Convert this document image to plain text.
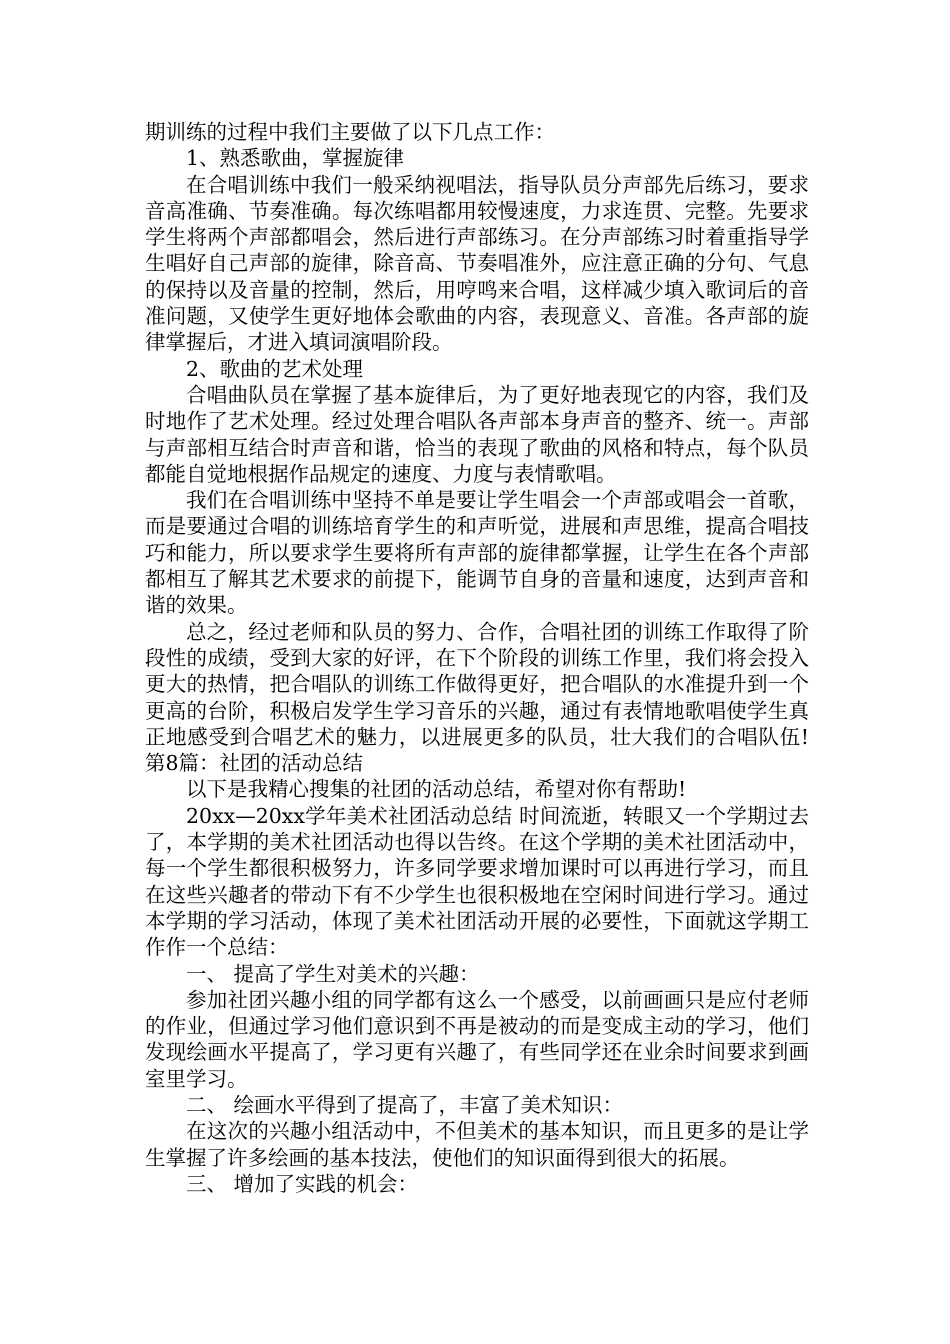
期训练的过程中我们主要做了以下几点工作：

1、熟悉歌曲，掌握旋律

在合唱训练中我们一般采纳视唱法，指导队员分声部先后练习，要求音高准确、节奏准确。每次练唱都用较慢速度，力求连贯、完整。先要求学生将两个声部都唱会，然后进行声部练习。在分声部练习时着重指导学生唱好自己声部的旋律，除音高、节奏唱准外，应注意正确的分句、气息的保持以及音量的控制，然后，用哼鸣来合唱，这样减少填入歌词后的音准问题，又使学生更好地体会歌曲的内容，表现意义、音准。各声部的旋律掌握后，才进入填词演唱阶段。

2、歌曲的艺术处理

合唱曲队员在掌握了基本旋律后，为了更好地表现它的内容，我们及时地作了艺术处理。经过处理合唱队各声部本身声音的整齐、统一。声部与声部相互结合时声音和谐，恰当的表现了歌曲的风格和特点，每个队员都能自觉地根据作品规定的速度、力度与表情歌唱。

我们在合唱训练中坚持不单是要让学生唱会一个声部或唱会一首歌，而是要通过合唱的训练培育学生的和声听觉，进展和声思维，提高合唱技巧和能力，所以要求学生要将所有声部的旋律都掌握，让学生在各个声部都相互了解其艺术要求的前提下，能调节自身的音量和速度，达到声音和谐的效果。

总之，经过老师和队员的努力、合作，合唱社团的训练工作取得了阶段性的成绩，受到大家的好评，在下个阶段的训练工作里，我们将会投入更大的热情，把合唱队的训练工作做得更好，把合唱队的水准提升到一个更高的台阶，积极启发学生学习音乐的兴趣，通过有表情地歌唱使学生真正地感受到合唱艺术的魅力，以进展更多的队员，壮大我们的合唱队伍!第8篇：社团的活动总结

以下是我精心搜集的社团的活动总结，希望对你有帮助!

20xx—20xx学年美术社团活动总结 时间流逝，转眼又一个学期过去了，本学期的美术社团活动也得以告终。在这个学期的美术社团活动中，每一个学生都很积极努力，许多同学要求增加课时可以再进行学习，而且在这些兴趣者的带动下有不少学生也很积极地在空闲时间进行学习。通过本学期的学习活动，体现了美术社团活动开展的必要性，下面就这学期工作作一个总结：

一、 提高了学生对美术的兴趣：

参加社团兴趣小组的同学都有这么一个感受，以前画画只是应付老师的作业，但通过学习他们意识到不再是被动的而是变成主动的学习，他们发现绘画水平提高了，学习更有兴趣了，有些同学还在业余时间要求到画室里学习。

二、 绘画水平得到了提高了，丰富了美术知识：

在这次的兴趣小组活动中，不但美术的基本知识，而且更多的是让学生掌握了许多绘画的基本技法，使他们的知识面得到很大的拓展。

三、 增加了实践的机会：
